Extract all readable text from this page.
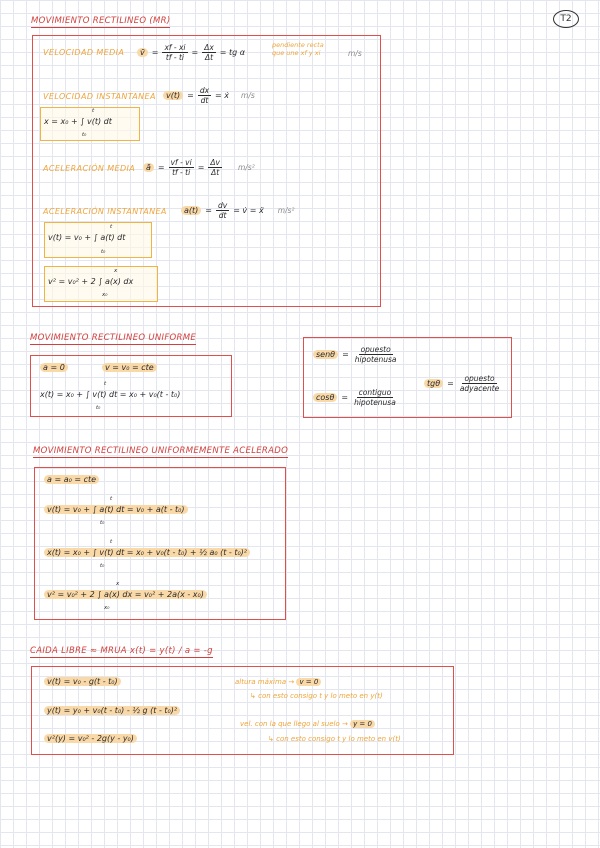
T2
MOVIMIENTO RECTILINEO (MR)
VELOCIDAD MEDIA	v̄ = $\frac{xf - xi}{tf - ti} = \frac{\Delta x}{\Delta t}$ = tg α
pendiente recta que une xf y xi	m/s
VELOCIDAD INSTANTANEA	$v(t) = \frac{dx}{dt}$ = ẋ m/s
x = x₀ + ∫ v(t) dt
t₀
t
ACELERACIÓN MEDIA	ā = $\frac{vf - vi}{tf - ti} = \frac{\Delta v}{\Delta t} m/s^2$
ACELERACIÓN INSTANTANEA	$a(t) = \frac{dv}{dt}$ = v̇ = ẍ m/s²
v(t) = v₀ + ∫ a(t) dt
t₀
t
v² = v₀² + 2 ∫ a(x) dx
x₀
x
MOVIMIENTO RECTILINEO UNIFORME
a = 0	v = v₀ = cte
x(t) = x₀ + ∫ v(t) dt = x₀ + v₀(t - t₀)
t₀
t
$sen\theta = \frac{\text{opuesto}}{\text{hipotenusa}}$
$\cos\theta = \frac{\text{contiguo}}{\text{hipotenusa}}$
$tg\theta = \frac{\text{opuesto}}{\text{adyacente}}$
MOVIMIENTO RECTILINEO UNIFORMEMENTE ACELERADO
a = a₀ = cte
v(t) = v₀ + ∫ a(t) dt = v₀ + a(t - t₀)
t₀
t
x(t) = x₀ + ∫ v(t) dt = x₀ + v₀(t - t₀) + ½ a₀ (t - t₀)²
t₀
t
v² = v₀² + 2 ∫ a(x) dx = v₀² + 2a(x - x₀)
x₀
x
CAIDA LIBRE ≈ MRUA x(t) = y(t) / a = -g
v(t) = v₀ - g(t - t₀)
y(t) = y₀ + v₀(t - t₀) - ½ g (t - t₀)²
v²(y) = v₀² - 2g(y - y₀)
altura máxima → v = 0
↳ con esto consigo t y lo meto en y(t)
vel. con la que llego al suelo → y = 0
↳ con esto consigo t y lo meto en v(t)
